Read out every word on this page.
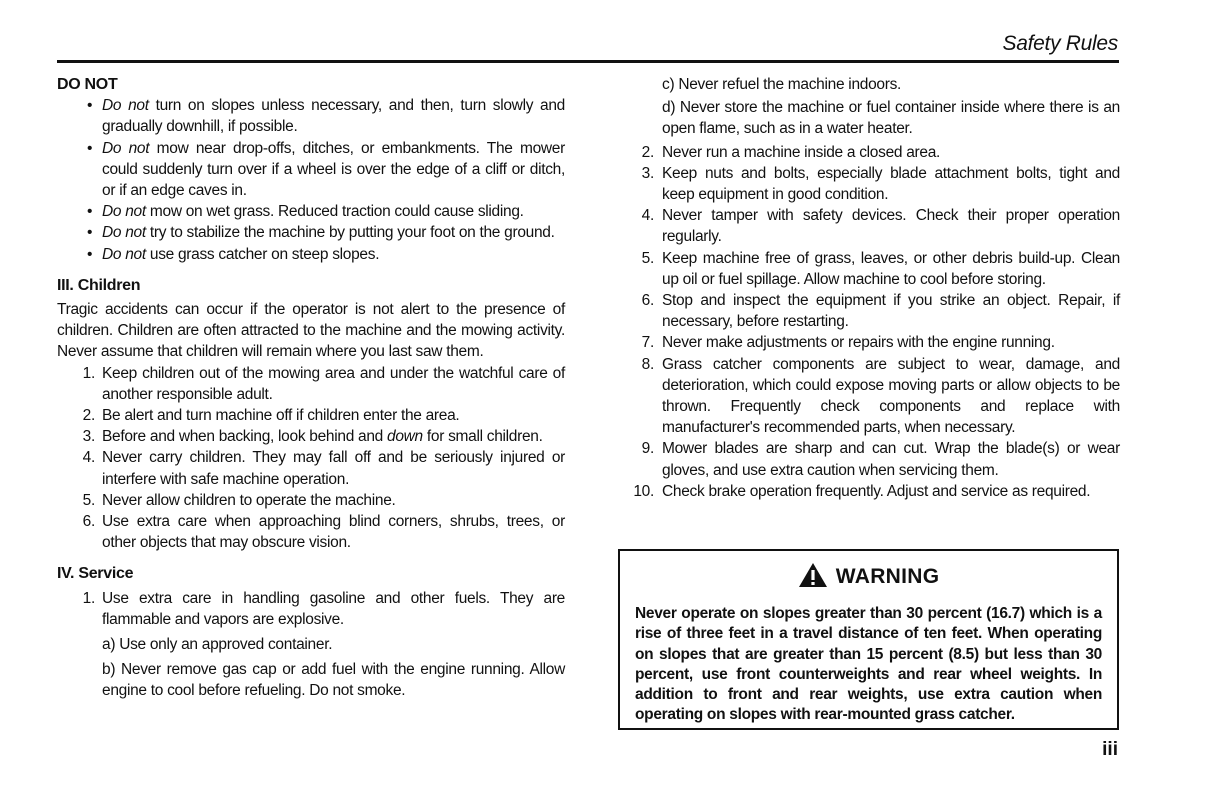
Safety Rules
DO NOT
• Do not turn on slopes unless necessary, and then, turn slowly and gradually downhill, if possible.
• Do not mow near drop-offs, ditches, or embankments. The mower could suddenly turn over if a wheel is over the edge of a cliff or ditch, or if an edge caves in.
• Do not mow on wet grass. Reduced traction could cause sliding.
• Do not try to stabilize the machine by putting your foot on the ground.
• Do not use grass catcher on steep slopes.
III. Children
Tragic accidents can occur if the operator is not alert to the presence of children. Children are often attracted to the machine and the mowing activity. Never assume that children will remain where you last saw them.
1. Keep children out of the mowing area and under the watchful care of another responsible adult.
2. Be alert and turn machine off if children enter the area.
3. Before and when backing, look behind and down for small children.
4. Never carry children. They may fall off and be seriously injured or interfere with safe machine operation.
5. Never allow children to operate the machine.
6. Use extra care when approaching blind corners, shrubs, trees, or other objects that may obscure vision.
IV. Service
1. Use extra care in handling gasoline and other fuels. They are flammable and vapors are explosive.
a) Use only an approved container.
b) Never remove gas cap or add fuel with the engine running. Allow engine to cool before refueling. Do not smoke.
c) Never refuel the machine indoors.
d) Never store the machine or fuel container inside where there is an open flame, such as in a water heater.
2. Never run a machine inside a closed area.
3. Keep nuts and bolts, especially blade attachment bolts, tight and keep equipment in good condition.
4. Never tamper with safety devices. Check their proper operation regularly.
5. Keep machine free of grass, leaves, or other debris build-up. Clean up oil or fuel spillage. Allow machine to cool before storing.
6. Stop and inspect the equipment if you strike an object. Repair, if necessary, before restarting.
7. Never make adjustments or repairs with the engine running.
8. Grass catcher components are subject to wear, damage, and deterioration, which could expose moving parts or allow objects to be thrown. Frequently check components and replace with manufacturer's recommended parts, when necessary.
9. Mower blades are sharp and can cut. Wrap the blade(s) or wear gloves, and use extra caution when servicing them.
10. Check brake operation frequently. Adjust and service as required.
WARNING
Never operate on slopes greater than 30 percent (16.7) which is a rise of three feet in a travel distance of ten feet. When operating on slopes that are greater than 15 percent (8.5) but less than 30 percent, use front counterweights and rear wheel weights. In addition to front and rear weights, use extra caution when operating on slopes with rear-mounted grass catcher.
iii
